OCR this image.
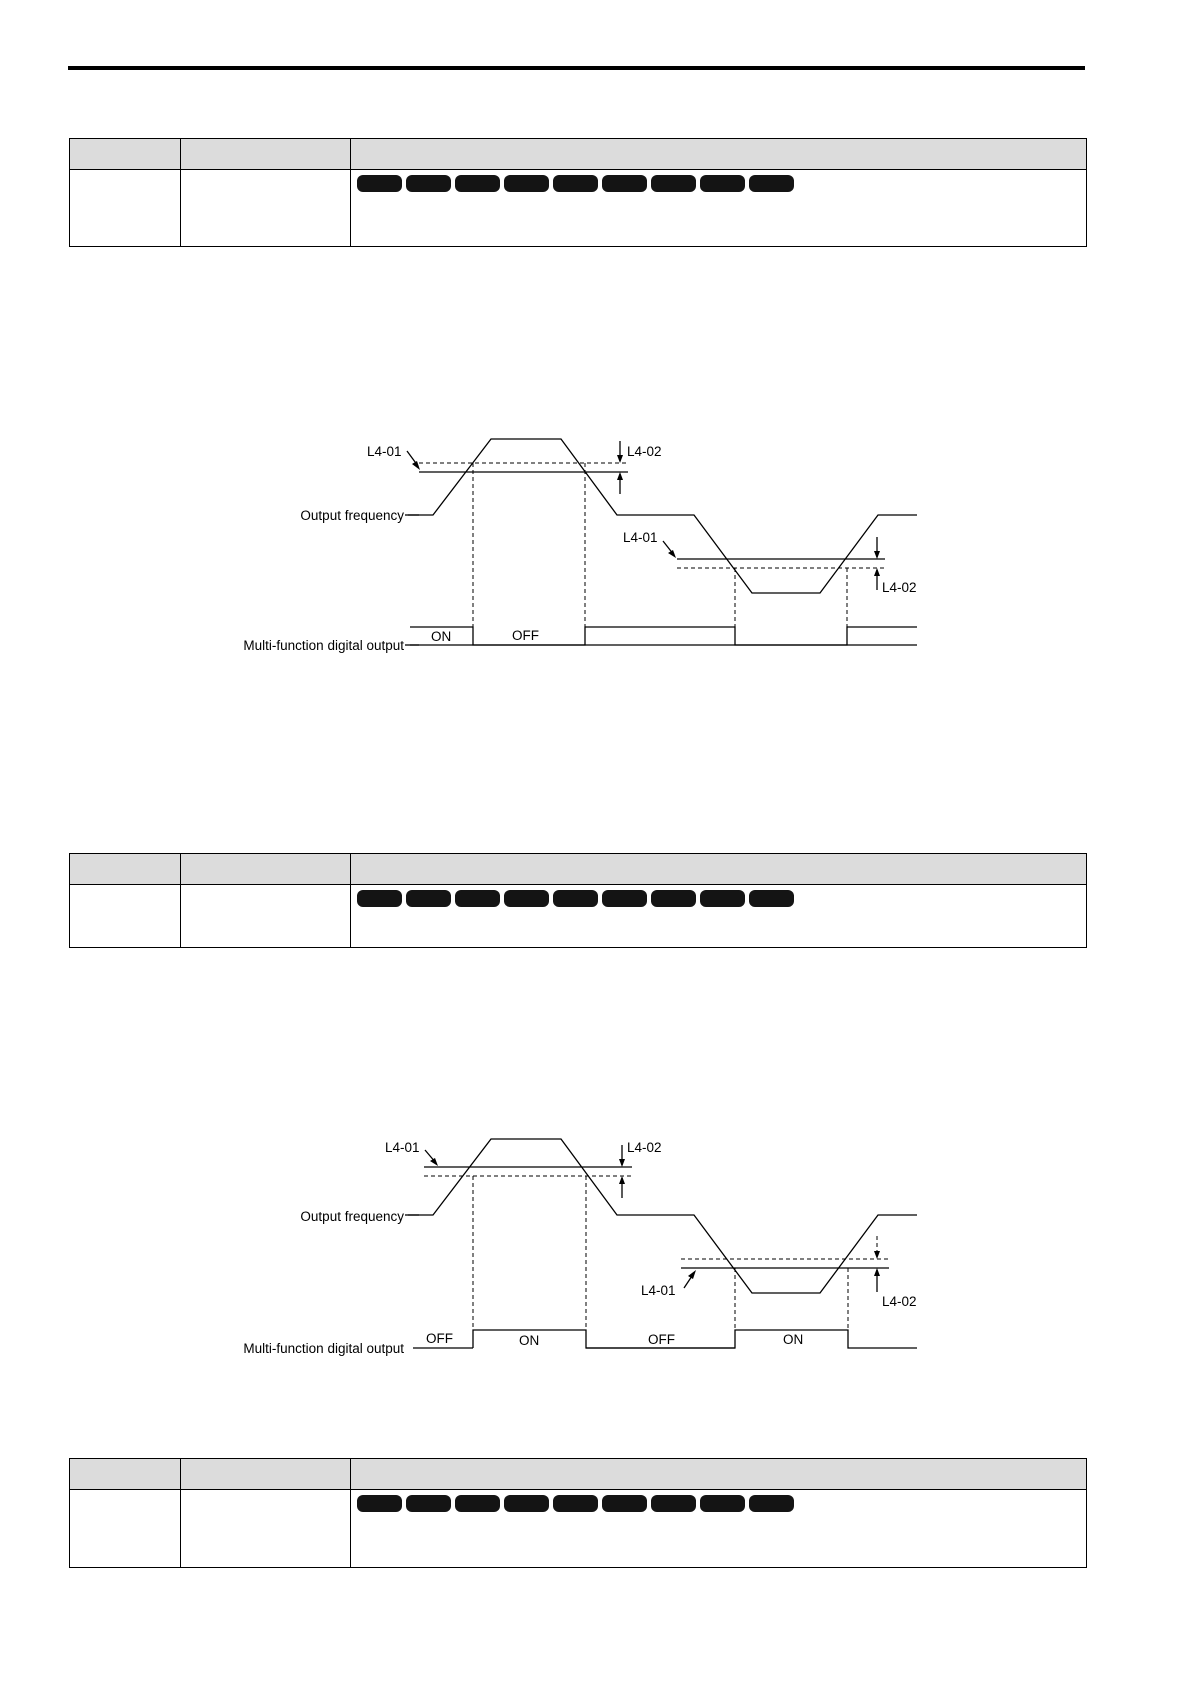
Output frequency
Multi-function digital output
L4-01	L4-02
L4-01
L4-02
ON	OFF

Output frequency
Multi-function digital output
L4-01	L4-02
L4-01
L4-02
OFF	ON	OFF	ON
